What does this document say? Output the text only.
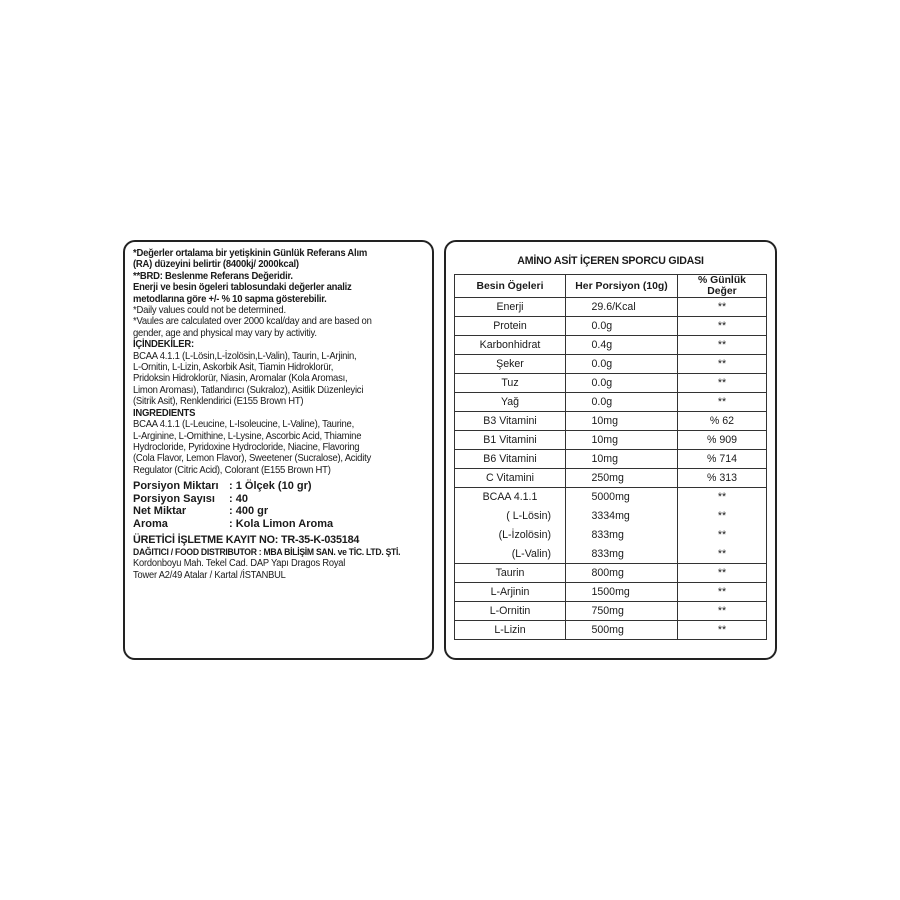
*Değerler ortalama bir yetişkinin Günlük Referans Alım
(RA) düzeyini belirtir (8400kj/ 2000kcal)
**BRD: Beslenme Referans Değeridir.
Enerji ve besin ögeleri tablosundaki değerler analiz
metodlarına göre +/- % 10 sapma gösterebilir.
*Daily values could not be determined.
*Vaules are calculated over 2000 kcal/day and are based on
gender, age and physical may vary by activitiy.
İÇİNDEKİLER:
BCAA 4.1.1 (L-Lösin,L-İzolösin,L-Valin), Taurin, L-Arjinin,
L-Ornitin, L-Lizin, Askorbik Asit, Tiamin Hidroklorür,
Pridoksin Hidroklorür, Niasin, Aromalar (Kola Aroması,
Limon Aroması), Tatlandırıcı (Sukraloz), Asitlik Düzenleyici
(Sitrik Asit), Renklendirici (E155 Brown HT)
INGREDIENTS
BCAA 4.1.1 (L-Leucine, L-Isoleucine, L-Valine), Taurine,
L-Arginine, L-Ornithine, L-Lysine, Ascorbic Acid, Thiamine
Hydrocloride, Pyridoxine Hydrocloride, Niacine, Flavoring
(Cola Flavor, Lemon Flavor), Sweetener (Sucralose), Acidity
Regulator (Citric Acid), Colorant (E155 Brown HT)
Porsiyon Miktarı : 1 Ölçek (10 gr)
Porsiyon Sayısı	: 40
Net Miktar	: 400 gr
Aroma	: Kola Limon Aroma
ÜRETİCİ İŞLETME KAYIT NO: TR-35-K-035184
DAĞITICI / FOOD DISTRIBUTOR : MBA BİLİŞİM SAN. ve TİC. LTD. ŞTİ.
Kordonboyu Mah. Tekel Cad. DAP Yapı Dragos Royal
Tower A2/49 Atalar / Kartal /İSTANBUL
AMİNO ASİT İÇEREN SPORCU GIDASI
Besin Ögeleri	Her Porsiyon (10g)	% Günlük Değer
Enerji	29.6/Kcal	**
Protein	0.0g	**
Karbonhidrat	0.4g	**
Şeker	0.0g	**
Tuz	0.0g	**
Yağ	0.0g	**
B3 Vitamini	10mg	% 62
B1 Vitamini	10mg	% 909
B6 Vitamini	10mg	% 714
C Vitamini	250mg	% 313
BCAA 4.1.1	5000mg	**
( L-Lösin)	3334mg	**
(L-İzolösin)	833mg	**
(L-Valin)	833mg	**
Taurin	800mg	**
L-Arjinin	1500mg	**
L-Ornitin	750mg	**
L-Lizin	500mg	**
